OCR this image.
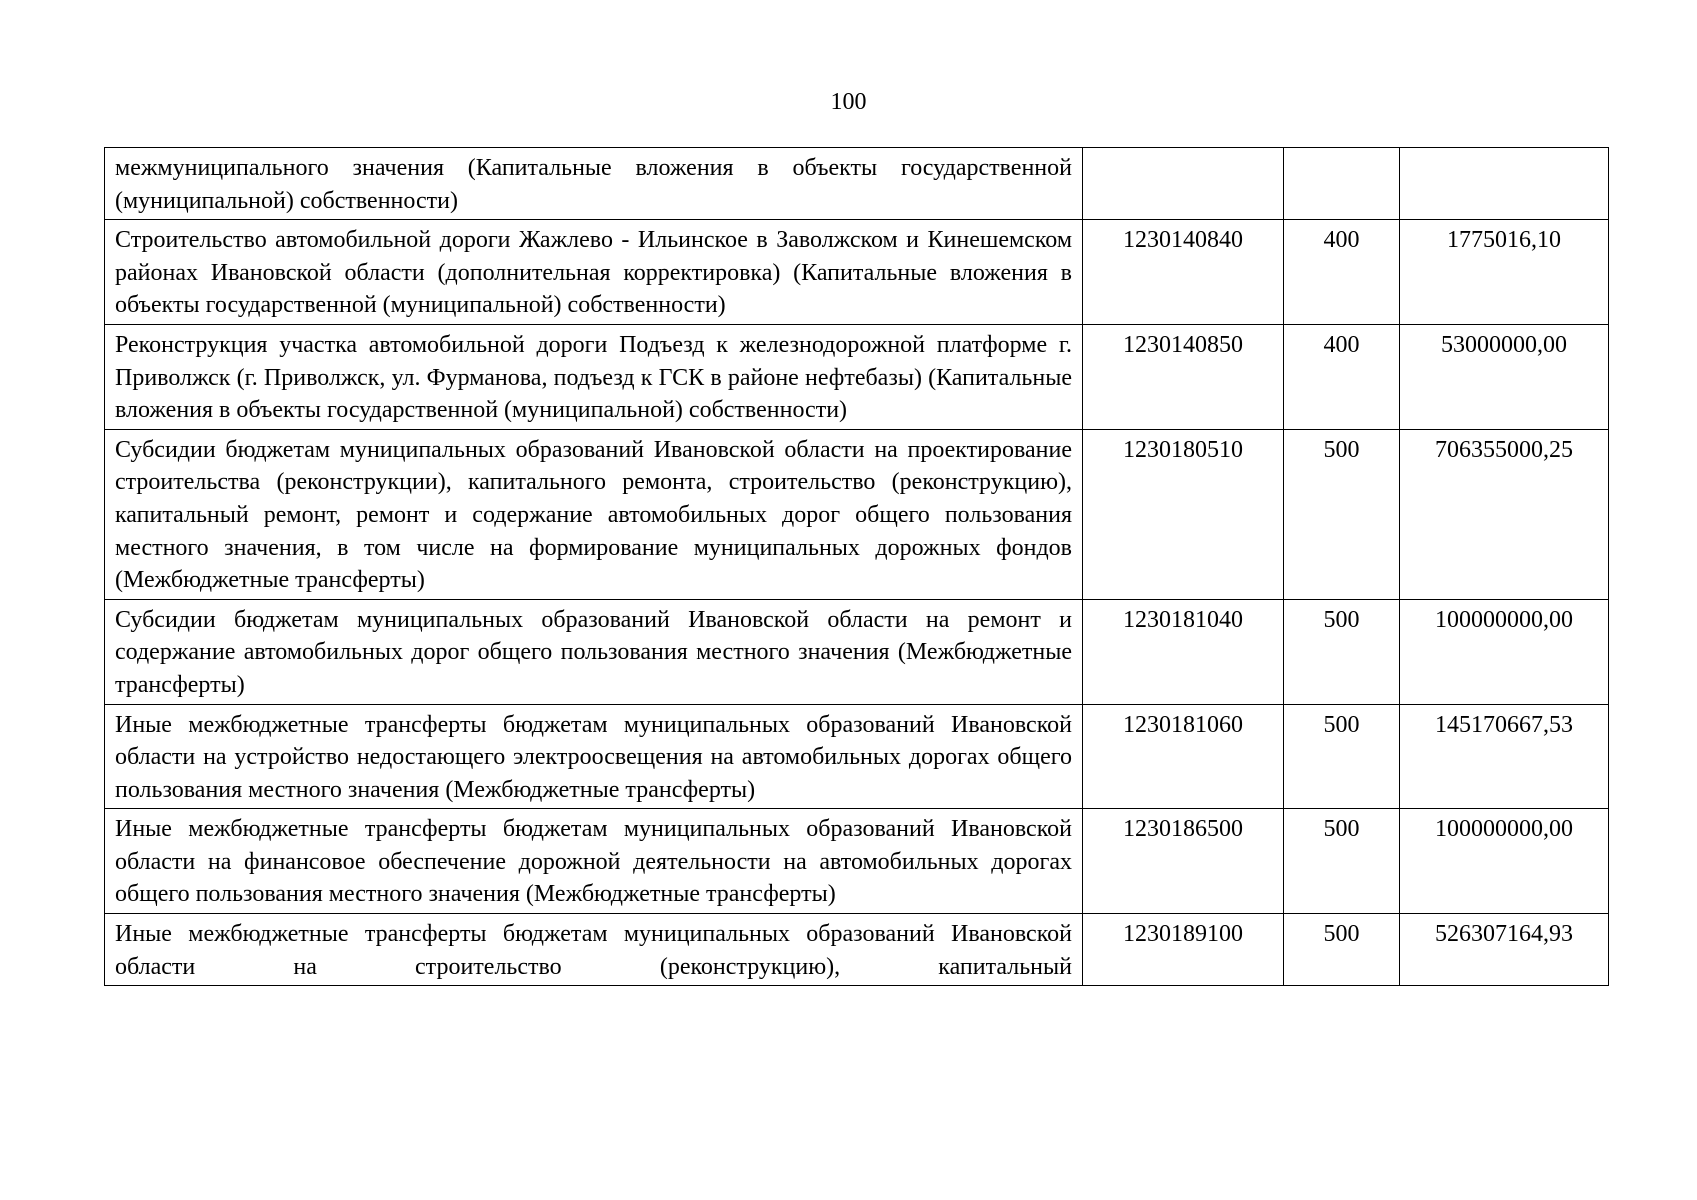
100
межмуниципального значения (Капитальные вложения в объекты государственной (муниципальной) собственности)			
Строительство автомобильной дороги Жажлево - Ильинское в Заволжском и Кинешемском районах Ивановской области (дополнительная корректировка) (Капитальные вложения в объекты государственной (муниципальной) собственности)	1230140840	400	1775016,10
Реконструкция участка автомобильной дороги Подъезд к железнодорожной платформе г. Приволжск (г. Приволжск, ул. Фурманова, подъезд к ГСК в районе нефтебазы) (Капитальные вложения в объекты государственной (муниципальной) собственности)	1230140850	400	53000000,00
Субсидии бюджетам муниципальных образований Ивановской области на проектирование строительства (реконструкции), капитального ремонта, строительство (реконструкцию), капитальный ремонт, ремонт и содержание автомобильных дорог общего пользования местного значения, в том числе на формирование муниципальных дорожных фондов (Межбюджетные трансферты)	1230180510	500	706355000,25
Субсидии бюджетам муниципальных образований Ивановской области на ремонт и содержание автомобильных дорог общего пользования местного значения (Межбюджетные трансферты)	1230181040	500	100000000,00
Иные межбюджетные трансферты бюджетам муниципальных образований Ивановской области на устройство недостающего электроосвещения на автомобильных дорогах общего пользования местного значения (Межбюджетные трансферты)	1230181060	500	145170667,53
Иные межбюджетные трансферты бюджетам муниципальных образований Ивановской области на финансовое обеспечение дорожной деятельности на автомобильных дорогах общего пользования местного значения (Межбюджетные трансферты)	1230186500	500	100000000,00
Иные межбюджетные трансферты бюджетам муниципальных образований Ивановской области на строительство (реконструкцию), капитальный	1230189100	500	526307164,93
